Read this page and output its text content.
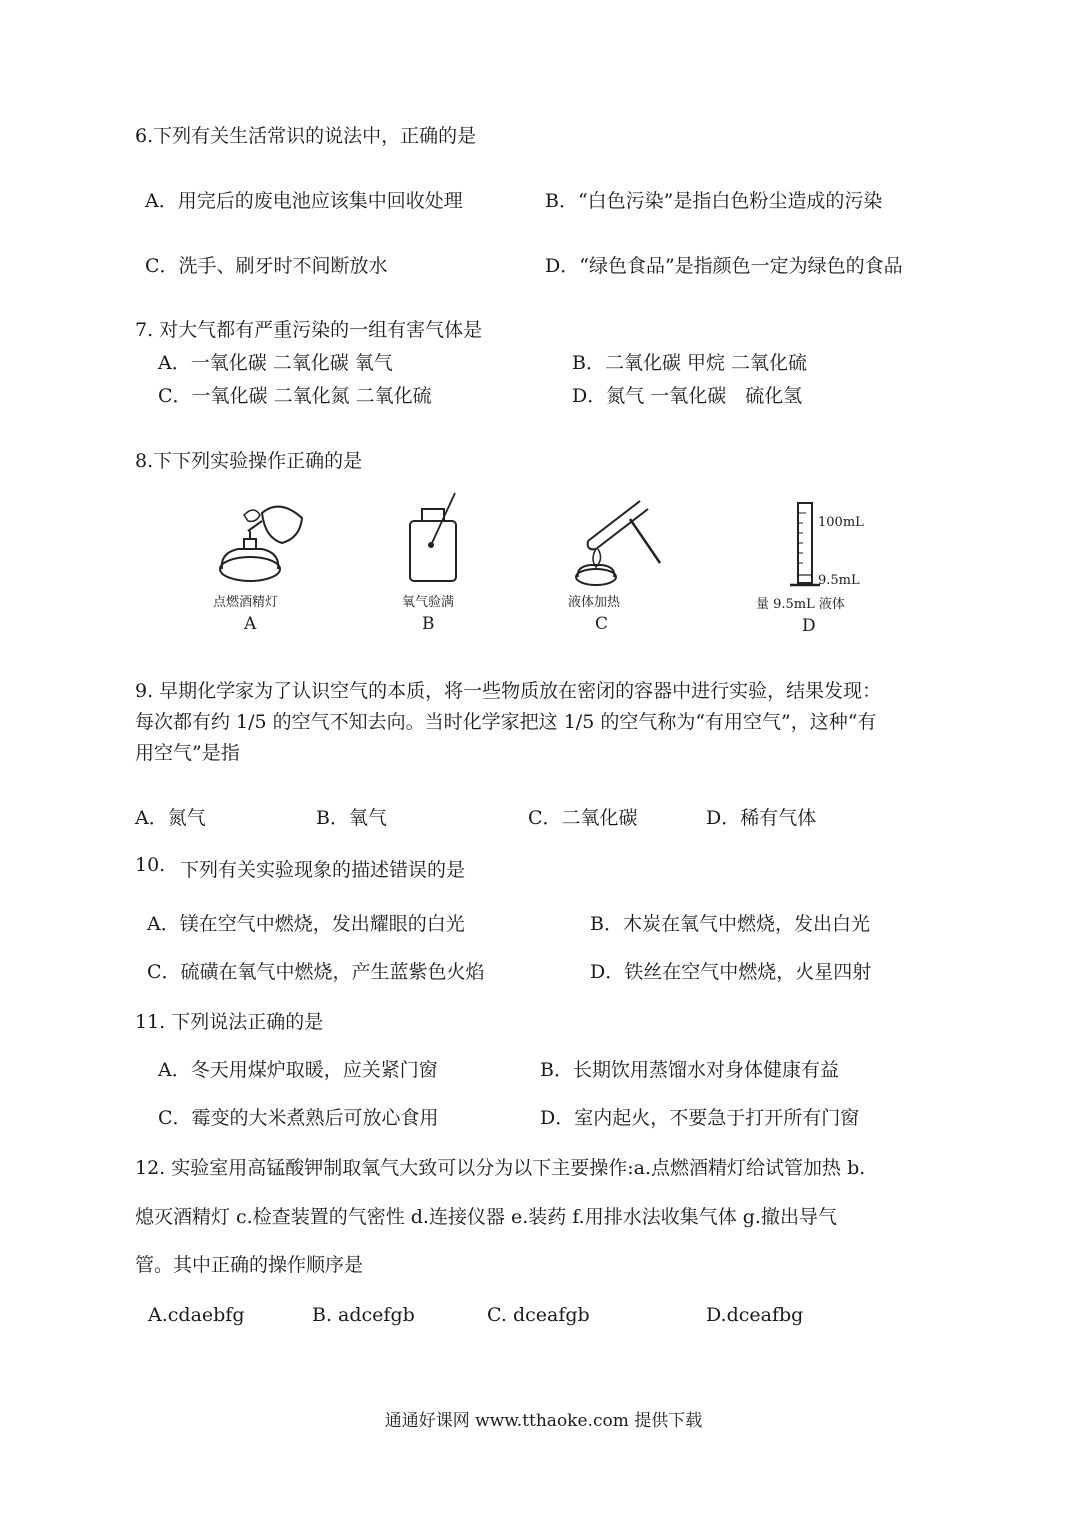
6.下列有关生活常识的说法中，正确的是
A．用完后的废电池应该集中回收处理	B．“白色污染”是指白色粉尘造成的污染
C．洗手、刷牙时不间断放水	D．“绿色食品”是指颜色一定为绿色的食品
7. 对大气都有严重污染的一组有害气体是
A．一氧化碳 二氧化碳 氧气	B．二氧化碳 甲烷 二氧化硫
C．一氧化碳 二氧化氮 二氧化硫	D．氮气 一氧化碳　硫化氢
8.下下列实验操作正确的是
点燃酒精灯
A
氧气验满
B
液体加热
C
100mL
9.5mL
量 9.5mL 液体
D
9. 早期化学家为了认识空气的本质，将一些物质放在密闭的容器中进行实验，结果发现：
每次都有约 1/5 的空气不知去向。当时化学家把这 1/5 的空气称为“有用空气”，这种“有
用空气”是指
A．氮气	B．氧气	C．二氧化碳	D．稀有气体
10. 下列有关实验现象的描述错误的是
A．镁在空气中燃烧，发出耀眼的白光	B．木炭在氧气中燃烧，发出白光
C．硫磺在氧气中燃烧，产生蓝紫色火焰	D．铁丝在空气中燃烧，火星四射
11. 下列说法正确的是
A．冬天用煤炉取暖，应关紧门窗	B．长期饮用蒸馏水对身体健康有益
C．霉变的大米煮熟后可放心食用	D．室内起火，不要急于打开所有门窗
12. 实验室用高锰酸钾制取氧气大致可以分为以下主要操作:a.点燃酒精灯给试管加热 b.
熄灭酒精灯 c.检查装置的气密性 d.连接仪器 e.装药 f.用排水法收集气体 g.撤出导气
管。其中正确的操作顺序是
A.cdaebfg	B. adcefgb	C. dceafgb	D.dceafbg
通通好课网 www.tthaoke.com 提供下载
